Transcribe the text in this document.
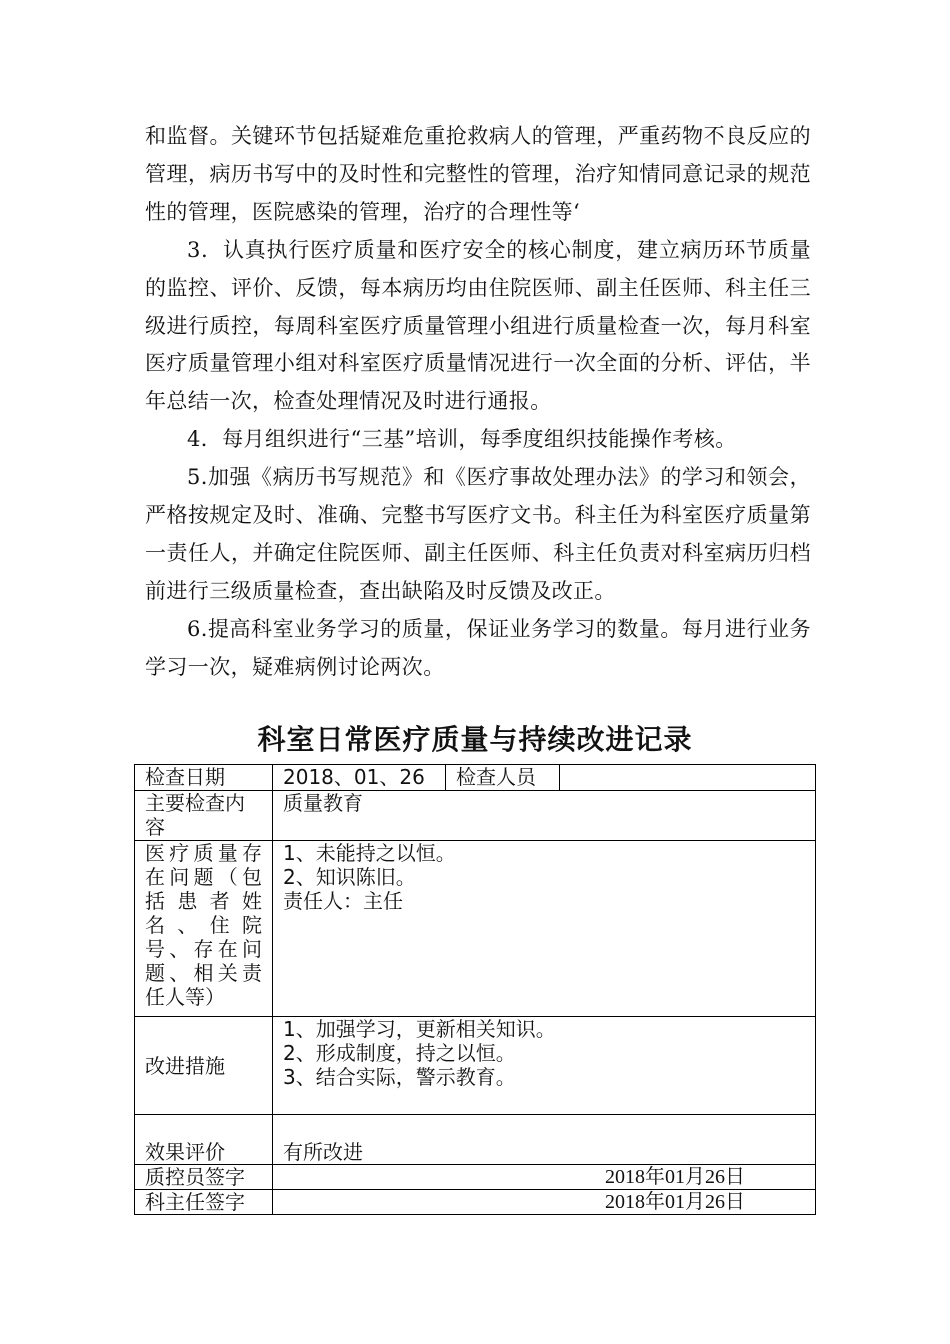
和监督。关键环节包括疑难危重抢救病人的管理，严重药物不良反应的管理，病历书写中的及时性和完整性的管理，治疗知情同意记录的规范性的管理，医院感染的管理，治疗的合理性等‘

3．认真执行医疗质量和医疗安全的核心制度，建立病历环节质量的监控、评价、反馈，每本病历均由住院医师、副主任医师、科主任三级进行质控，每周科室医疗质量管理小组进行质量检查一次，每月科室医疗质量管理小组对科室医疗质量情况进行一次全面的分析、评估，半年总结一次，检查处理情况及时进行通报。

4．每月组织进行“三基”培训，每季度组织技能操作考核。

5.加强《病历书写规范》和《医疗事故处理办法》的学习和领会，严格按规定及时、准确、完整书写医疗文书。科主任为科室医疗质量第一责任人，并确定住院医师、副主任医师、科主任负责对科室病历归档前进行三级质量检查，查出缺陷及时反馈及改正。

6.提高科室业务学习的质量，保证业务学习的数量。每月进行业务学习一次，疑难病例讨论两次。

科室日常医疗质量与持续改进记录
检查日期	2018、01、26	检查人员	
主要检查内容	质量教育		
医疗质量存在问题（包括患者姓名、住院号、存在问题、相关责任人等）	1、未能持之以恒。
2、知识陈旧。
责任人：主任		

改进措施	1、加强学习，更新相关知识。
2、形成制度，持之以恒。
3、结合实际，警示教育。		

效果评价	有所改进		
质控员签字	2018年01月26日		
科主任签字	2018年01月26日		
